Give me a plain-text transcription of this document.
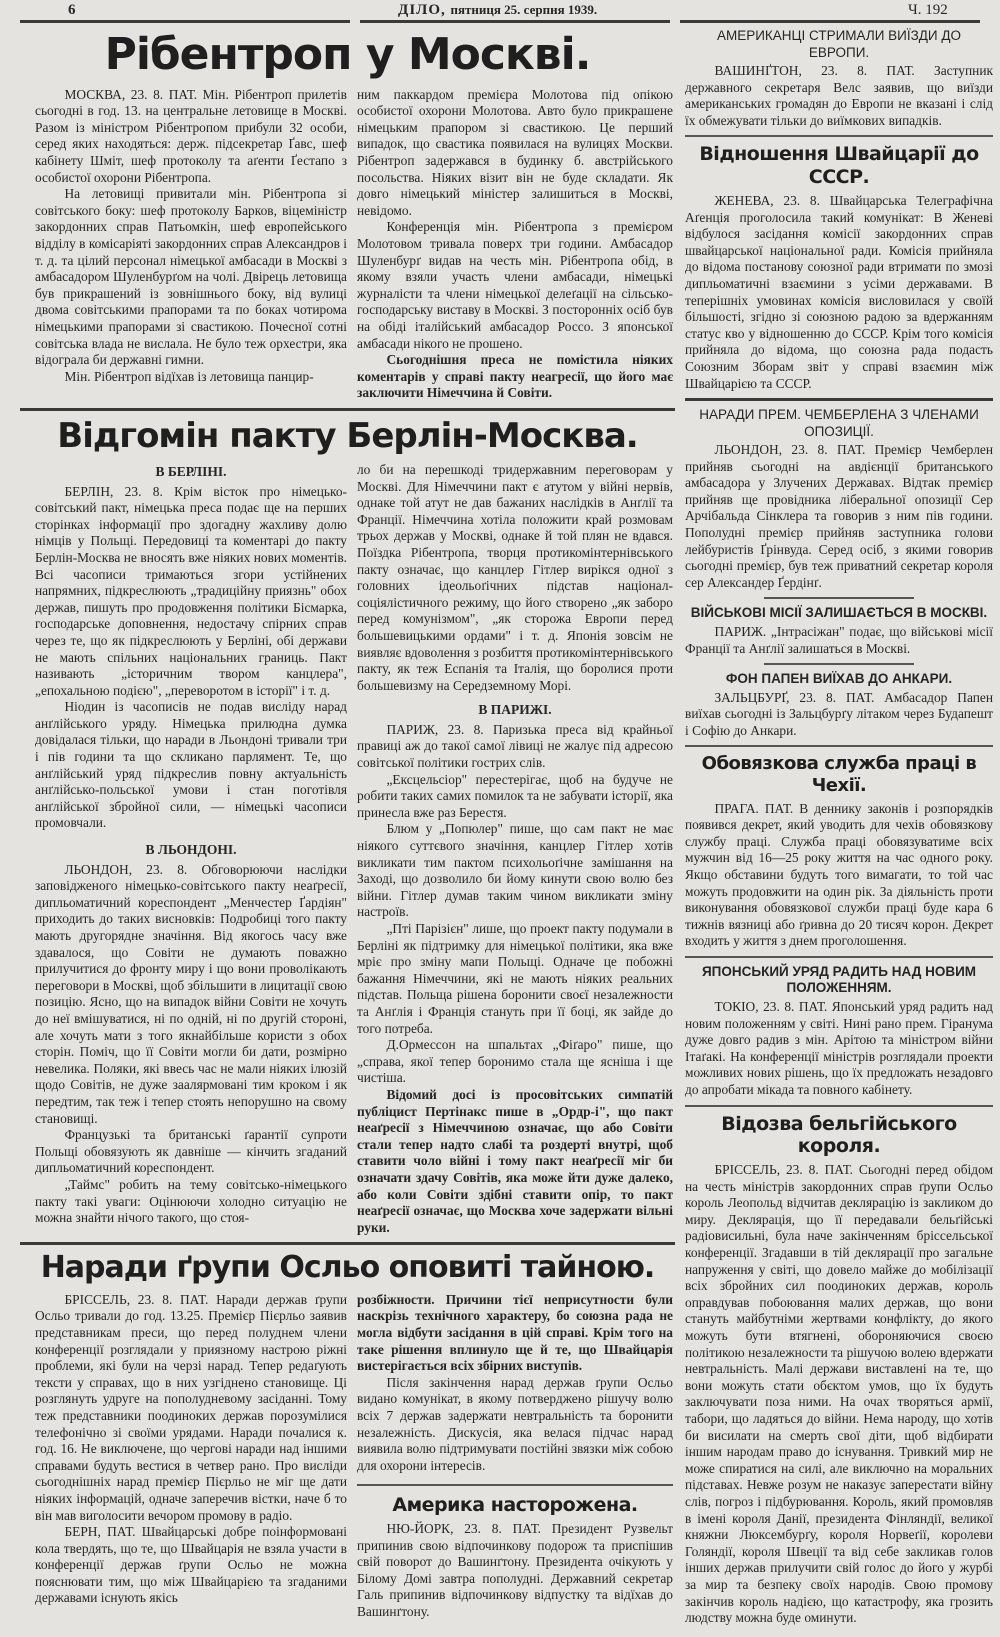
6	ДІЛО, пятниця 25. серпня 1939.	Ч. 192
Рібентроп у Москві.

МОСКВА, 23. 8. ПАТ. Мін. Рібентроп прилетів сьогодні в год. 13. на центральне летовище в Москві. Разом із міністром Рібентропом прибули 32 особи, серед яких находяться: держ. підсекретар Ґавс, шеф кабінету Шміт, шеф протоколу та аґенти Ґестапо з особистої охорони Рібентропа.

На летовищі привитали мін. Рібентропа зі совітського боку: шеф протоколу Барков, віцеміністр закордонних справ Патьомкін, шеф европейського відділу в комісаріяті закордонних справ Александров і т. д. та цілий персонал німецької амбасади в Москві з амбасадором Шуленбурґом на чолі. Двірець летовища був прикрашений із зовнішнього боку, від вулиці двома совітськими прапорами та по боках чотирома німецькими прапорами зі свастикою. Почесної сотні совітська влада не вислала. Не було теж орхестри, яка відограла би державні гимни.

Мін. Рібентроп відїхав із летовища панцир-

ним паккардом премієра Молотова під опікою особистої охорони Молотова. Авто було прикрашене німецьким прапором зі свастикою. Це перший випадок, що свастика появилася на вулицях Москви. Рібентроп задержався в будинку б. австрійського посольства. Ніяких візит він не буде складати. Як довго німецький міністер залишиться в Москві, невідомо.

Конференція мін. Рібентропа з премієром Молотовом тривала поверх три години. Амбасадор Шуленбурґ видав на честь мін. Рібентропа обід, в якому взяли участь члени амбасади, німецькі журналісти та члени німецької делеґації на сільсько-господарську виставу в Москві. З посторонніх осіб був на обіді італійський амбасадор Россо. З японської амбасади нікого не прошено.

Сьогоднішня преса не помістила ніяких коментарів у справі пакту неагресії, що його має заключити Німеччина й Совіти.

Відгомін пакту Берлін-Москва.
В БЕРЛІНІ.

БЕРЛІН, 23. 8. Крім вісток про німецько-совітський пакт, німецька преса подає ще на перших сторінках інформації про здогадну жахливу долю німців у Польщі. Передовиці та коментарі до пакту Берлін-Москва не вносять вже ніяких нових моментів. Всі часописи тримаються згори устійнених напрямних, підкреслюють „традиційну приязнь" обох держав, пишуть про продовження політики Бісмарка, господарське доповнення, недостачу спірних справ через те, що як підкреслюють у Берліні, обі держави не мають спільних національних границь. Пакт називають „історичним твором канцлера", „епохальною подією", „переворотом в історії" і т. д.

Ніодин із часописів не подав висліду нарад анґлійського уряду. Німецька прилюдна думка довідалася тільки, що наради в Льондоні тривали три і пів години та що скликано парлямент. Те, що анґлійський уряд підкреслив повну актуальність анґлійсько-польської умови і стан поготівля анґлійської збройної сили, — німецькі часописи промовчали.

В ЛЬОНДОНІ.

ЛЬОНДОН, 23. 8. Обговорюючи наслідки заповідженого німецько-совітського пакту неаґресії, дипльоматичний кореспондент „Менчестер Ґардіян" приходить до таких висновків: Подробиці того пакту мають другорядне значіння. Від якогось часу вже здавалося, що Совіти не думають поважно прилучитися до фронту миру і що вони проволікають переговори в Москві, щоб збільшити в лицитації свою позицію. Ясно, що на випадок війни Совіти не хочуть до неї вмішуватися, ні по одній, ні по другій стороні, але хочуть мати з того якнайбільше користи з обох сторін. Поміч, що її Совіти могли би дати, розмірно невелика. Поляки, які ввесь час не мали ніяких ілюзій щодо Совітів, не дуже заалярмовані тим кроком і як передтим, так теж і тепер стоять непорушно на свому становищі.

Французькі та британські ґарантії супроти Польщі обовязують як давніше — кінчить згаданий дипльоматичний кореспондент.

„Таймс" робить на тему совітсько-німецького пакту такі уваги: Оцінюючи холодно ситуацію не можна знайти нічого такого, що стоя-

ло би на перешкоді тридержавним переговорам у Москві. Для Німеччини пакт є атутом у війні нервів, однаке той атут не дав бажаних наслідків в Анґлії та Франції. Німеччина хотіла положити край розмовам трьох держав у Москві, однаке й той плян не вдався. Поїздка Рібентропа, творця протикомінтернівського пакту означає, що канцлер Гітлер вирікся одної з головних ідеольоґічних підстав націонал-соціялістичного режиму, що його створено „як заборо перед комунізмом", „як сторожа Европи перед большевицькими ордами" і т. д. Японія зовсім не виявляє вдоволення з розбиття протикомінтернівського пакту, як теж Еспанія та Італія, що боролися проти большевизму на Середземному Морі.

В ПАРИЖІ.

ПАРИЖ, 23. 8. Паризька преса від крайньої правиці аж до такої самої лівиці не жалує під адресою совітської політики гострих слів.

„Ексцельсіор" перестерігає, щоб на будуче не робити таких самих помилок та не забувати історії, яка принесла вже раз Берестя.

Блюм у „Попюлер" пише, що сам пакт не має ніякого суттєвого значіння, канцлер Гітлер хотів викликати тим пактом психольоґічне замішання на Заході, що дозволило би йому кинути свою волю без війни. Гітлер думав таким чином викликати зміну настроїв.

„Пті Парізієн" лише, що проект пакту подумали в Берліні як підтримку для німецької політики, яка вже мріє про зміну мапи Польщі. Одначе це побожні бажання Німеччини, які не мають ніяких реальних підстав. Польща рішена боронити своєї незалежности та Анґлія і Франція стануть при її боці, як зайде до того потреба.

Д.Ормессон на шпальтах „Фіґаро" пише, що „справа, якої тепер боронимо стала ще ясніша і ще чистіша.

Відомий досі із просовітських симпатій публіцист Пертінакс пише в „Ордр-і", що пакт неаґресії з Німеччиною означає, що або Совіти стали тепер надто слабі та роздерті внутрі, щоб ставити чоло війні і тому пакт неаґресії міг би означати здачу Совітів, яка може йти дуже далеко, або коли Совіти здібні ставити опір, то пакт неаґресії означає, що Москва хоче задержати вільні руки.

Наради ґрупи Осльо оповиті тайною.

БРІССЕЛЬ, 23. 8. ПАТ. Наради держав ґрупи Осльо тривали до год. 13.25. Премієр Пієрльо заявив представникам преси, що перед полуднем члени конференції розглядали у приязному настрою ріжні проблеми, які були на черзі нарад. Тепер редаґують тексти у справах, що в них узгіднено становище. Ці розглянуть удруге на пополудневому засіданні. Тому теж представники поодиноких держав порозумілися телефонічно зі своїми урядами. Наради почалися к. год. 16. Не виключене, що чергові наради над іншими справами будуть вестися в четвер рано. Про висліди сьогоднішніх нарад премієр Пієрльо не міг ще дати ніяких інформацій, одначе заперечив вістки, наче б то він мав виголосити вечором промову в радіо.

БЕРН, ПАТ. Швайцарські добре поінформовані кола твердять, що те, що Швайцарія не взяла участи в конференції держав ґрупи Осльо не можна пояснювати тим, що між Швайцарією та згаданими державами існують якісь

розбіжности. Причини тієї неприсутности були наскрізь технічного характеру, бо союзна рада не могла відбути засідання в цій справі. Крім того на таке рішення вплинуло ще й те, що Швайцарія вистерігається всіх збірних виступів.

Після закінчення нарад держав ґрупи Осльо видано комунікат, в якому потверджено рішучу волю всіх 7 держав задержати невтральність та боронити незалежність. Дискусія, яка велася підчас нарад виявила волю підтримувати постійні звязки між собою для охорони інтересів.

Америка насторожена.

НЮ-ЙОРК, 23. 8. ПАТ. Президент Рузвельт припинив свою відпочинкову подорож та приспішив свій поворот до Вашинґтону. Президента очікують у Білому Домі завтра пополудні. Державний секретар Галь припинив відпочинкову відпустку та відїхав до Вашинґтону.

АМЕРИКАНЦІ СТРИМАЛИ ВИЇЗДИ ДО ЕВРОПИ.

ВАШИНҐТОН, 23. 8. ПАТ. Заступник державного секретаря Велс заявив, що виїзди американських громадян до Европи не вказані і слід їх обмежувати тільки до виїмкових випадків.

Відношення Швайцарії до СССР.

ЖЕНЕВА, 23. 8. Швайцарська Телеграфічна Аґенція проголосила такий комунікат: В Женеві відбулося засідання комісії закордонних справ швайцарської національної ради. Комісія прийняла до відома постанову союзної ради втримати по змозі дипльоматичні взаємини з усіми державами. В теперішніх умовинах комісія висловилася у своїй більшості, згідно зі союзною радою за вдержанням статус кво у відношенню до СССР. Крім того комісія прийняла до відома, що союзна рада подасть Союзним Зборам звіт у справі взаємин між Швайцарією та СССР.

НАРАДИ ПРЕМ. ЧЕМБЕРЛЕНА З ЧЛЕНАМИ ОПОЗИЦІЇ.

ЛЬОНДОН, 23. 8. ПАТ. Премієр Чемберлен прийняв сьогодні на авдієнції британського амбасадора у Злучених Державах. Відтак премієр прийняв ще провідника ліберальної опозиції Сер Арчібальда Сінклера та говорив з ним пів години. Пополудні премієр прийняв заступника голови лейбуристів Ґрінвуда. Серед осіб, з якими говорив сьогодні премієр, був теж приватний секретар короля сер Александер Ґердінґ.

ВІЙСЬКОВІ МІСІЇ ЗАЛИШАЄТЬСЯ В МОСКВІ.

ПАРИЖ. „Інтрасіжан" подає, що військові місії Франції та Анґлії залишаться в Москві.

ФОН ПАПЕН ВИЇХАВ ДО АНКАРИ.

ЗАЛЬЦБУРҐ, 23. 8. ПАТ. Амбасадор Папен виїхав сьогодні із Зальцбурґу літаком через Будапешт і Софію до Анкари.

Обовязкова служба праці в Чехії.

ПРАГА. ПАТ. В деннику законів і розпорядків появився декрет, який уводить для чехів обовязкову службу праці. Служба праці обовязуватиме всіх мужчин від 16—25 року життя на час одного року. Якщо обставини будуть того вимагати, то той час можуть продовжити на один рік. За діяльність проти виконування обовязкової служби праці буде кара 6 тижнів вязниці або ґривна до 20 тисяч корон. Декрет входить у життя з днем проголошення.

ЯПОНСЬКИЙ УРЯД РАДИТЬ НАД НОВИМ ПОЛОЖЕННЯМ.

ТОКІО, 23. 8. ПАТ. Японський уряд радить над новим положенням у світі. Нині рано прем. Гіранума дуже довго радив з мін. Арітою та міністром війни Ітаґакі. На конференції міністрів розглядали проекти можливих нових рішень, що їх предложать незадовго до апробати мікада та повного кабінету.

Відозва бельгійського короля.

БРІССЕЛЬ, 23. 8. ПАТ. Сьогодні перед обідом на честь міністрів закордонних справ ґрупи Осльо король Леопольд відчитав деклярацію із закликом до миру. Деклярація, що її передавали бельґійські радіовисильні, була наче закінченням бріссельської конференції. Згадавши в тій деклярації про загальне напруження у світі, що довело майже до мобілізації всіх збройних сил поодиноких держав, король оправдував побоювання малих держав, що вони стануть майбутніми жертвами конфлікту, до якого можуть бути втягнені, обороняючися своєю політикою незалежности та рішучою волею вдержати невтральність. Малі держави виставлені на те, що вони можуть стати обєктом умов, що їх будуть заключувати поза ними. На очах творяться армії, табори, що ладяться до війни. Нема народу, що хотів би висилати на смерть свої діти, щоб відбирати іншим народам право до існування. Тривкий мир не може спиратися на силі, але виключно на моральних підставах. Невже розум не наказує заперестати війну слів, погроз і підбурювання. Король, який промовляв в імені короля Данії, президента Фінляндії, великої княжни Люксембурґу, короля Норвеґії, королеви Голяндії, короля Швеції та від себе закликав голов інших держав прилучити свій голос до його у журбі за мир та безпеку своїх народів. Свою промову закінчив король надією, що катастрофу, яка грозить людству можна буде оминути.
